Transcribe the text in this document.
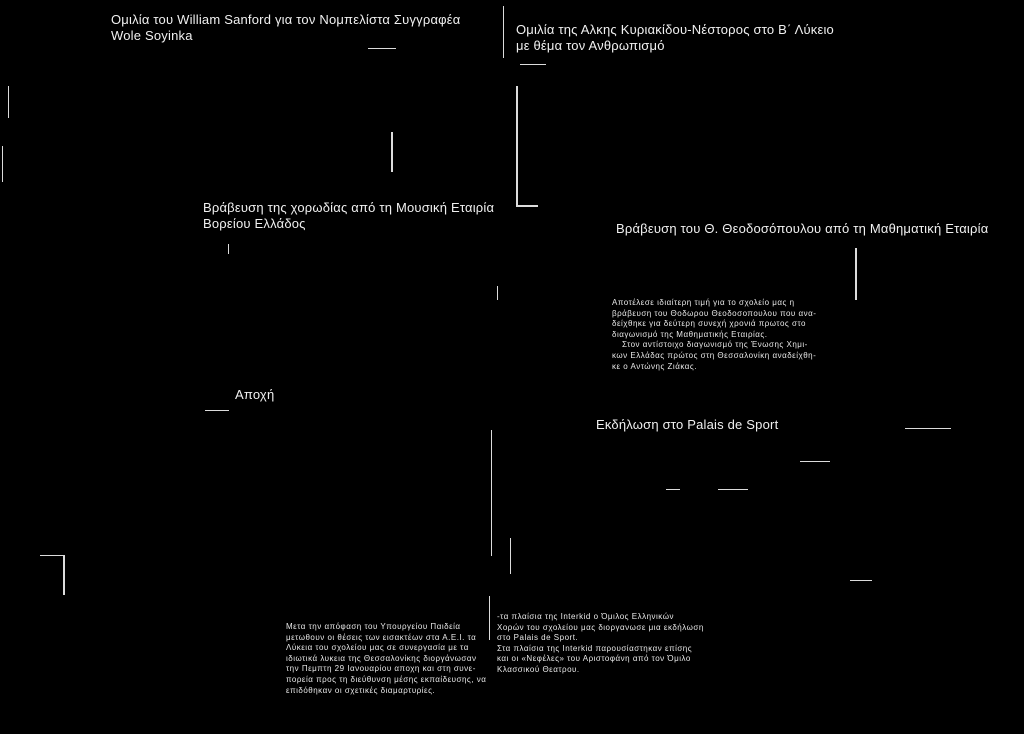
Ομιλία του William Sanford για τον Νομπελίστα Συγγραφέα
Wole Soyinka	Ομιλία της Αλκης Κυριακίδου-Νέστορος στο Β΄ Λύκειο
με θέμα τον Ανθρωπισμό
Βράβευση της χορωδίας από τη Μουσική Εταιρία
Βορείου Ελλάδος	Βράβευση του Θ. Θεοδοσόπουλου από τη Μαθηματική Εταιρία
Αποχή
Εκδήλωση στο Palais de Sport
Αποτέλεσε ιδιαίτερη τιμή για το σχολείο μας η
βράβευση του Θοδωρου Θεοδοσοπουλου που ανα-
δείχθηκε για δεύτερη συνεχή χρονιά πρωτος στο
διαγωνισμό της Μαθηματικής Εταιρίας.
Στον αντίστοιχο διαγωνισμό της Ένωσης Χημι-
κων Ελλάδας πρώτος στη Θεσσαλονίκη αναδείχθη-
κε ο Αντώνης Ζιάκας.
Μετα την απόφαση του Υπουργείου Παιδεία
μετωθουν οι θέσεις των εισακτέων στα Α.Ε.Ι. τα
Λύκεια του σχολείου μας σε συνεργασία με τα
ιδιωτικά λυκεια της Θεσσαλονίκης διοργάνωσαν
την Πεμπτη 29 Ιανουαρίου αποχη και στη συνε-
πορεία προς τη διεύθυνση μέσης εκπαίδευσης, να
επιδόθηκαν οι σχετικές διαμαρτυρίες.
-τα πλαίσια της Interkid ο Όμιλος Ελληνικών
Χορών του σχολείου μας διοργανωσε μια εκδήλωση
στο Palais de Sport.
Στα πλαίσια της Interkid παρουσίαστηκαν επίσης
και οι «Νεφέλες» του Αριστοφάνη από τον Όμιλο
Κλασσικού Θεατρου.
